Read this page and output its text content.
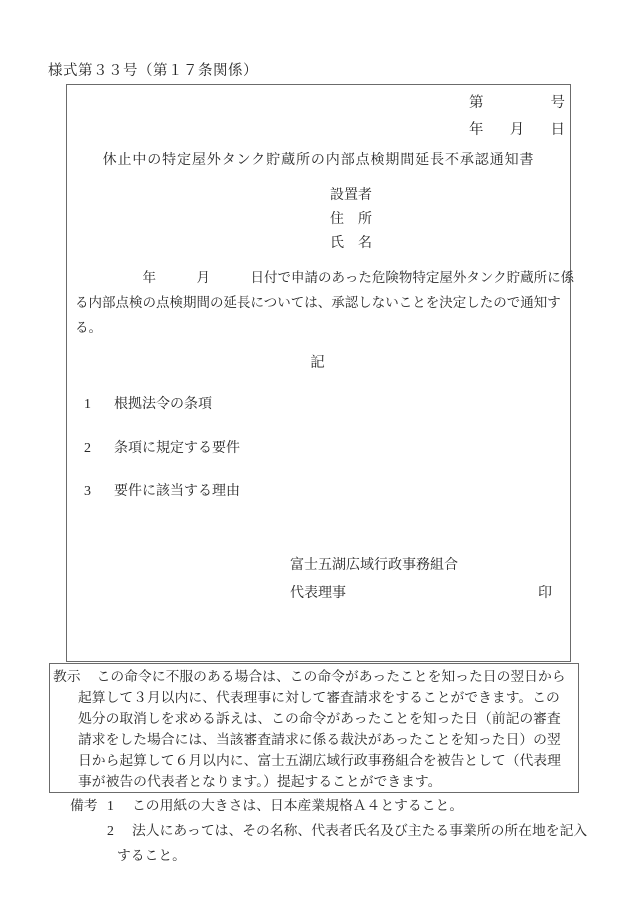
様式第３３号（第１７条関係）
第	号
年 月 日
休止中の特定屋外タンク貯蔵所の内部点検期間延長不承認通知書
設置者
住　所
氏　名
　　　　　年　　　月　　　日付で申請のあった危険物特定屋外タンク貯蔵所に係
る内部点検の点検期間の延長については、承認しないことを決定したので通知す
る。
記
1	根拠法令の条項
2	条項に規定する要件
3	要件に該当する理由
富士五湖広域行政事務組合
代表理事	印
教示 この命令に不服のある場合は、この命令があったことを知った日の翌日から
起算して３月以内に、代表理事に対して審査請求をすることができます。この
処分の取消しを求める訴えは、この命令があったことを知った日（前記の審査
請求をした場合には、当該審査請求に係る裁決があったことを知った日）の翌
日から起算して６月以内に、富士五湖広域行政事務組合を被告として（代表理
事が被告の代表者となります。）提起することができます。
備考 1	この用紙の大きさは、日本産業規格Ａ４とすること。
2	法人にあっては、その名称、代表者氏名及び主たる事業所の所在地を記入
すること。
